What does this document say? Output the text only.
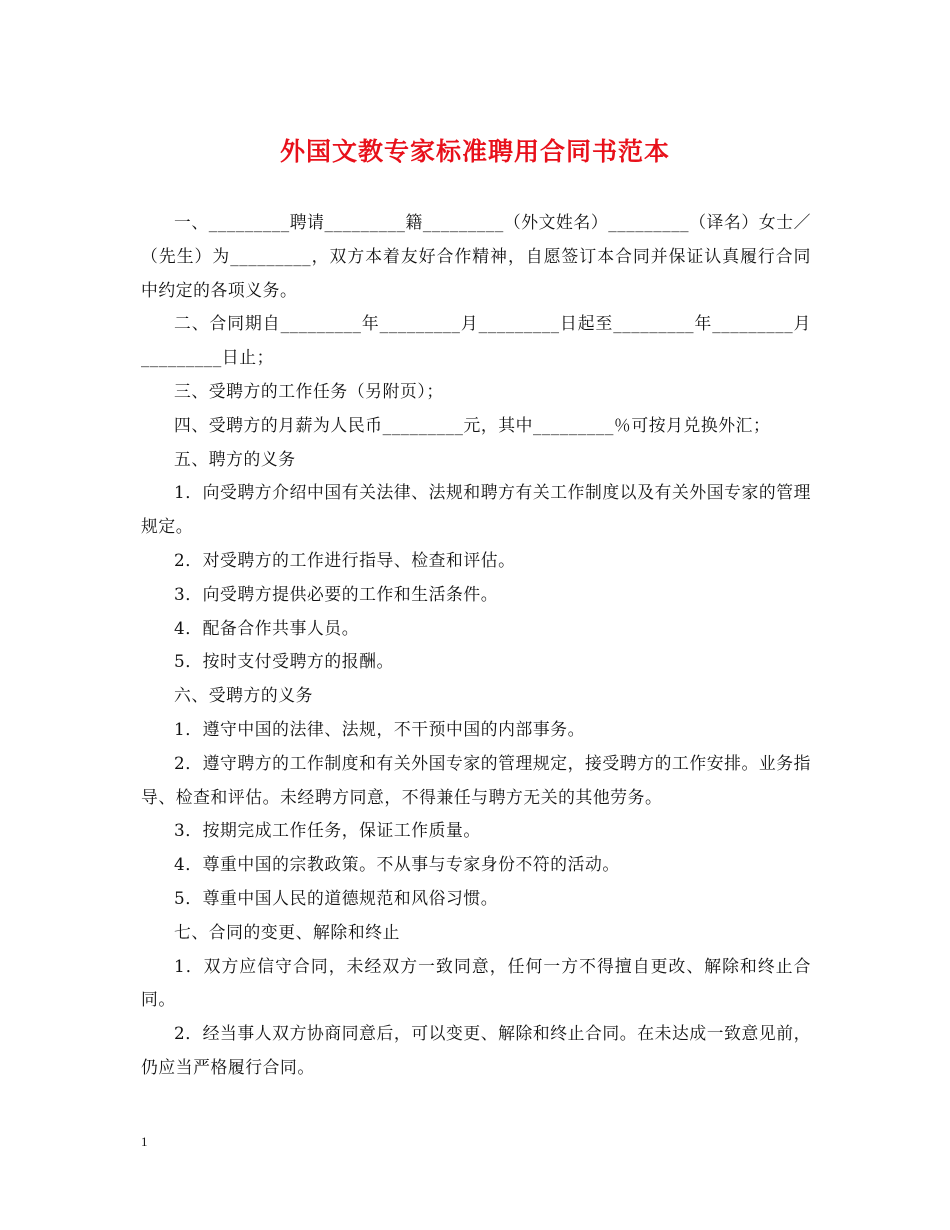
外国文教专家标准聘用合同书范本

一、_________聘请_________籍_________（外文姓名）_________（译名）女士／（先生）为_________，双方本着友好合作精神，自愿签订本合同并保证认真履行合同中约定的各项义务。

二、合同期自_________年_________月_________日起至_________年_________月_________日止；

三、受聘方的工作任务（另附页）；

四、受聘方的月薪为人民币_________元，其中_________％可按月兑换外汇；

五、聘方的义务

1．向受聘方介绍中国有关法律、法规和聘方有关工作制度以及有关外国专家的管理规定。

2．对受聘方的工作进行指导、检查和评估。

3．向受聘方提供必要的工作和生活条件。

4．配备合作共事人员。

5．按时支付受聘方的报酬。

六、受聘方的义务

1．遵守中国的法律、法规，不干预中国的内部事务。

2．遵守聘方的工作制度和有关外国专家的管理规定，接受聘方的工作安排。业务指导、检查和评估。未经聘方同意，不得兼任与聘方无关的其他劳务。

3．按期完成工作任务，保证工作质量。

4．尊重中国的宗教政策。不从事与专家身份不符的活动。

5．尊重中国人民的道德规范和风俗习惯。

七、合同的变更、解除和终止

1．双方应信守合同，未经双方一致同意，任何一方不得擅自更改、解除和终止合同。

2．经当事人双方协商同意后，可以变更、解除和终止合同。在未达成一致意见前，仍应当严格履行合同。

1
